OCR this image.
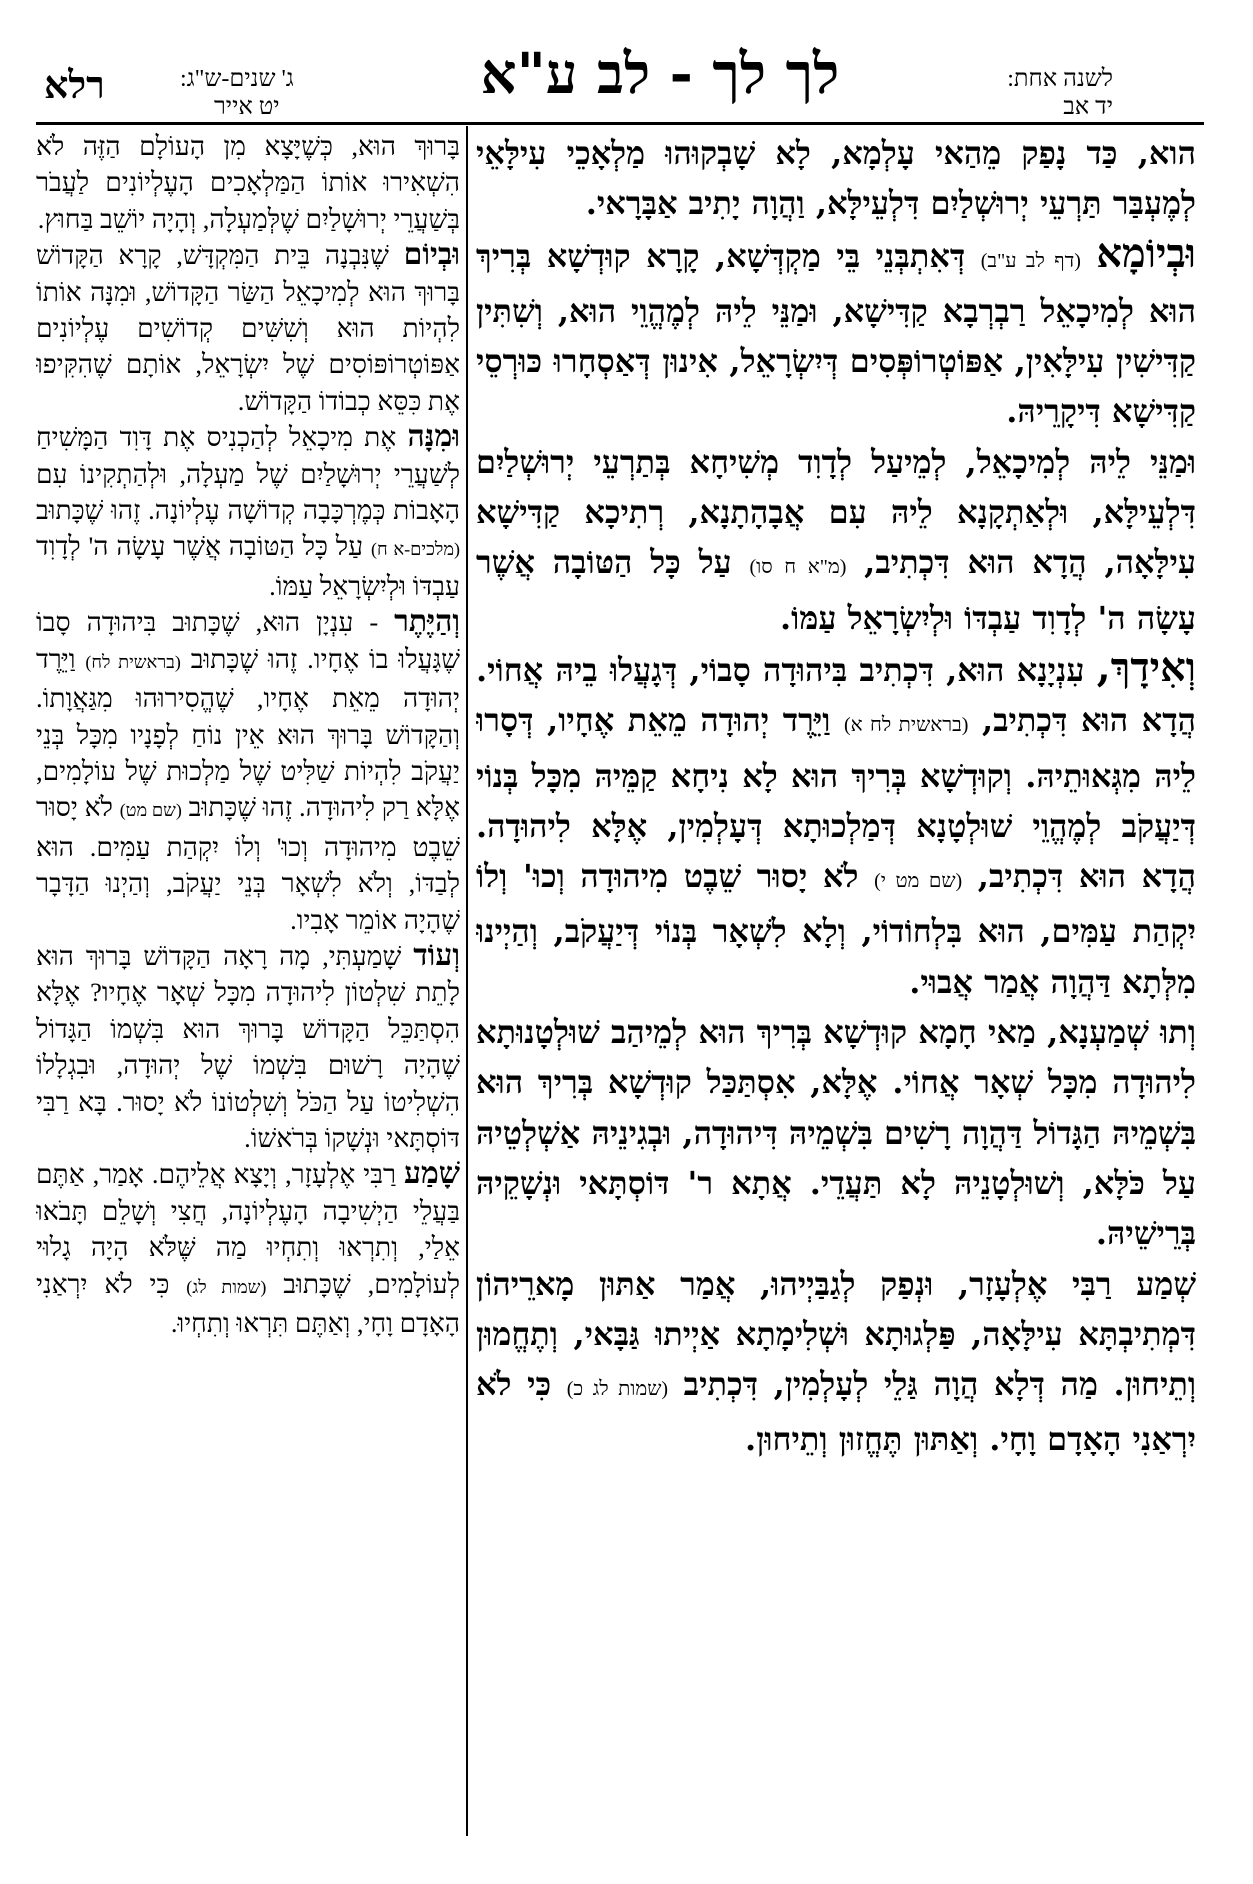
לשנה אחת:
יד אב
לך לך - לב ע"א
ג' שנים-ש"ג:
יט אייר
רלא

הוא, כַּד נָפַק מֵהַאי עָלְמָא, לָא שָׁבְקוּהוּ מַלְאָכֵי עִילָּאֵי לְמֶעְבַּר תַּרְעֵי יְרוּשְׁלַיִם דִּלְעֵילָּא, וַהֲוָה יָתִיב אַבָּרָאי.

וּבְיוֹמָא (דף לב ע"ב) דְּאִתְבְּנֵי בֵּי מַקְדְּשָׁא, קָרָא קוּדְשָׁא בְּרִיךְ הוּא לְמִיכָאֵל רַבְרְבָא קַדִּישָׁא, וּמַנֵּי לֵיהּ לְמֶהֱוֵי הוּא, וְשִׁתִּין קַדִּישִׁין עִילָּאִין, אַפּוֹטְרוֹפְּסִים דְּיִשְׂרָאֵל, אִינוּן דְּאַסְחָרוּ כּוּרְסֵי קַדִּישָׁא דִּיקָרֵיהּ.

וּמַנֵּי לֵיהּ לְמִיכָאֵל, לְמֵיעַל לְדָוִד מְשִׁיחָא בְּתַרְעֵי יְרוּשְׁלַיִם דִּלְעֵילָּא, וּלְאַתְקָנָא לֵיהּ עִם אֲבָהָתָנָא, רְתִיכָא קַדִּישָׁא עִילָּאָה, הֲדָא הוּא דִּכְתִיב, (מ"א ח סו) עַל כָּל הַטּוֹבָה אֲשֶׁר עָשָׂה ה' לְדָוִד עַבְדּוֹ וּלְיִשְׂרָאֵל עַמּוֹ.

וְאִידָךְ, עִנְיָנָא הוּא, דִּכְתִיב בִּיהוּדָה סָבוֹי, דְּגָעֲלוּ בֵיהּ אֲחוֹי. הֲדָא הוּא דִּכְתִיב, (בראשית לח א) וַיֵּרֶד יְהוּדָה מֵאֵת אֶחָיו, דְּסָרוּ לֵיהּ מִגְּאוּתֵיהּ. וְקוּדְשָׁא בְּרִיךְ הוּא לָא נִיחָא קַמֵּיהּ מִכָּל בְּנוֹי דְּיַעֲקֹב לְמֶהֱוֵי שׁוּלְטָנָא דְּמַלְכוּתָא דְּעָלְמִין, אֶלָּא לִיהוּדָה. הֲדָא הוּא דִּכְתִיב, (שם מט י) לֹא יָסוּר שֵׁבֶט מִיהוּדָה וְכוּ' וְלוֹ יִקְהַת עַמִּים, הוּא בִּלְחוֹדוֹי, וְלָא לִשְׁאָר בְּנוֹי דְּיַעֲקֹב, וְהַיְינוּ מִלְּתָא דַּהֲוָה אֲמַר אֲבוּי.

וְתוּ שְׁמַעְנָא, מַאי חָמָא קוּדְשָׁא בְּרִיךְ הוּא לְמֵיהַב שׁוּלְטָנוּתָא לִיהוּדָה מִכָּל שְׁאָר אֲחוֹי. אֶלָּא, אִסְתַּכַּל קוּדְשָׁא בְּרִיךְ הוּא בִּשְׁמֵיהּ הַגָּדוֹל דַּהֲוָה רָשִׁים בִּשְׁמֵיהּ דִּיהוּדָה, וּבְגִינֵיהּ אַשְׁלְטֵיהּ עַל כֹּלָּא, וְשׁוּלְטָנֵיהּ לָא תַּעֲדֵי. אֲתָא ר' דּוֹסְתָּאי וּנְשָׁקֵיהּ בְּרֵישֵׁיהּ.

שְׁמַע רַבִּי אֶלְעָזָר, וּנְפַק לְגַבַּיְיהוּ, אֲמַר אַתּוּן מָארֵיהוֹן דִּמְתִיבְתָּא עִילָּאָה, פַּלְגוּתָא וּשְׁלִימָתָא אַיְיתוּ גַּבָּאי, וְתֶחֱמוּן וְתֵיחוּן. מַה דְּלָא הֲוָה גַּלֵי לְעָלְמִין, דִּכְתִיב (שמות לג כ) כִּי לֹא יִרְאַנִי הָאָדָם וָחָי. וְאַתּוּן תֶּחֱזוּן וְתֵיחוּן.

בָּרוּךְ הוּא, כְּשֶׁיָּצָא מִן הָעוֹלָם הַזֶּה לֹא הִשְׁאִירוּ אוֹתוֹ הַמַּלְאָכִים הָעֶלְיוֹנִים לַעֲבֹר בְּשַׁעֲרֵי יְרוּשָׁלַיִם שֶׁלְּמַעְלָה, וְהָיָה יוֹשֵׁב בַּחוּץ.

וּבְיוֹם שֶׁנִּבְנָה בֵּית הַמִּקְדָּשׁ, קָרָא הַקָּדוֹשׁ בָּרוּךְ הוּא לְמִיכָאֵל הַשַּׂר הַקָּדוֹשׁ, וּמִנָּה אוֹתוֹ לִהְיוֹת הוּא וְשִׁשִּׁים קְדוֹשִׁים עֶלְיוֹנִים אַפּוֹטְרוֹפּוֹסִים שֶׁל יִשְׂרָאֵל, אוֹתָם שֶׁהִקִּיפוּ אֶת כִּסֵּא כְבוֹדוֹ הַקָּדוֹשׁ.

וּמִנָּה אֶת מִיכָאֵל לְהַכְנִיס אֶת דָּוִד הַמָּשִׁיחַ לְשַׁעֲרֵי יְרוּשָׁלַיִם שֶׁל מַעְלָה, וּלְהַתְקִינוֹ עִם הָאָבוֹת כְּמֶרְכָּבָה קְדוֹשָׁה עֶלְיוֹנָה. זֶהוּ שֶׁכָּתוּב (מלכים-א ח) עַל כָּל הַטּוֹבָה אֲשֶׁר עָשָׂה ה' לְדָוִד עַבְדּוֹ וּלְיִשְׂרָאֵל עַמּוֹ.

וְהַיֶּתֶר - עִנְיָן הוּא, שֶׁכָּתוּב בִּיהוּדָה סָבוֹ שֶׁגָּעֲלוּ בוֹ אֶחָיו. זֶהוּ שֶׁכָּתוּב (בראשית לח) וַיֵּרֶד יְהוּדָה מֵאֵת אֶחָיו, שֶׁהֱסִירוּהוּ מִגַּאֲוָתוֹ. וְהַקָּדוֹשׁ בָּרוּךְ הוּא אֵין נוֹחַ לְפָנָיו מִכָּל בְּנֵי יַעֲקֹב לִהְיוֹת שַׁלִּיט שֶׁל מַלְכוּת שֶׁל עוֹלָמִים, אֶלָּא רַק לִיהוּדָה. זֶהוּ שֶׁכָּתוּב (שם מט) לֹא יָסוּר שֵׁבֶט מִיהוּדָה וְכוּ' וְלוֹ יִקְהַת עַמִּים. הוּא לְבַדּוֹ, וְלֹא לִשְׁאָר בְּנֵי יַעֲקֹב, וְהַיְנוּ הַדָּבָר שֶׁהָיָה אוֹמֵר אָבִיו.

וְעוֹד שָׁמַעְתִּי, מָה רָאָה הַקָּדוֹשׁ בָּרוּךְ הוּא לָתֵת שִׁלְטוֹן לִיהוּדָה מִכָּל שְׁאָר אֶחָיו? אֶלָּא הִסְתַּכֵּל הַקָּדוֹשׁ בָּרוּךְ הוּא בִּשְׁמוֹ הַגָּדוֹל שֶׁהָיָה רָשׁוּם בִּשְׁמוֹ שֶׁל יְהוּדָה, וּבִגְלָלוֹ הִשְׁלִיטוֹ עַל הַכֹּל וְשִׁלְטוֹנוֹ לֹא יָסוּר. בָּא רַבִּי דּוֹסְתָּאי וּנְשָׁקוֹ בְּרֹאשׁוֹ.

שָׁמַע רַבִּי אֶלְעָזָר, וְיָצָא אֲלֵיהֶם. אָמַר, אַתֶּם בַּעֲלֵי הַיְשִׁיבָה הָעֶלְיוֹנָה, חֲצִי וְשָׁלֵם תָּבֹאוּ אֵלַי, וְתִרְאוּ וְתִחְיוּ מַה שֶּׁלֹּא הָיָה גָלוּי לְעוֹלָמִים, שֶׁכָּתוּב (שמות לג) כִּי לֹא יִרְאַנִי הָאָדָם וָחָי, וְאַתֶּם תִּרְאוּ וְתִחְיוּ.
